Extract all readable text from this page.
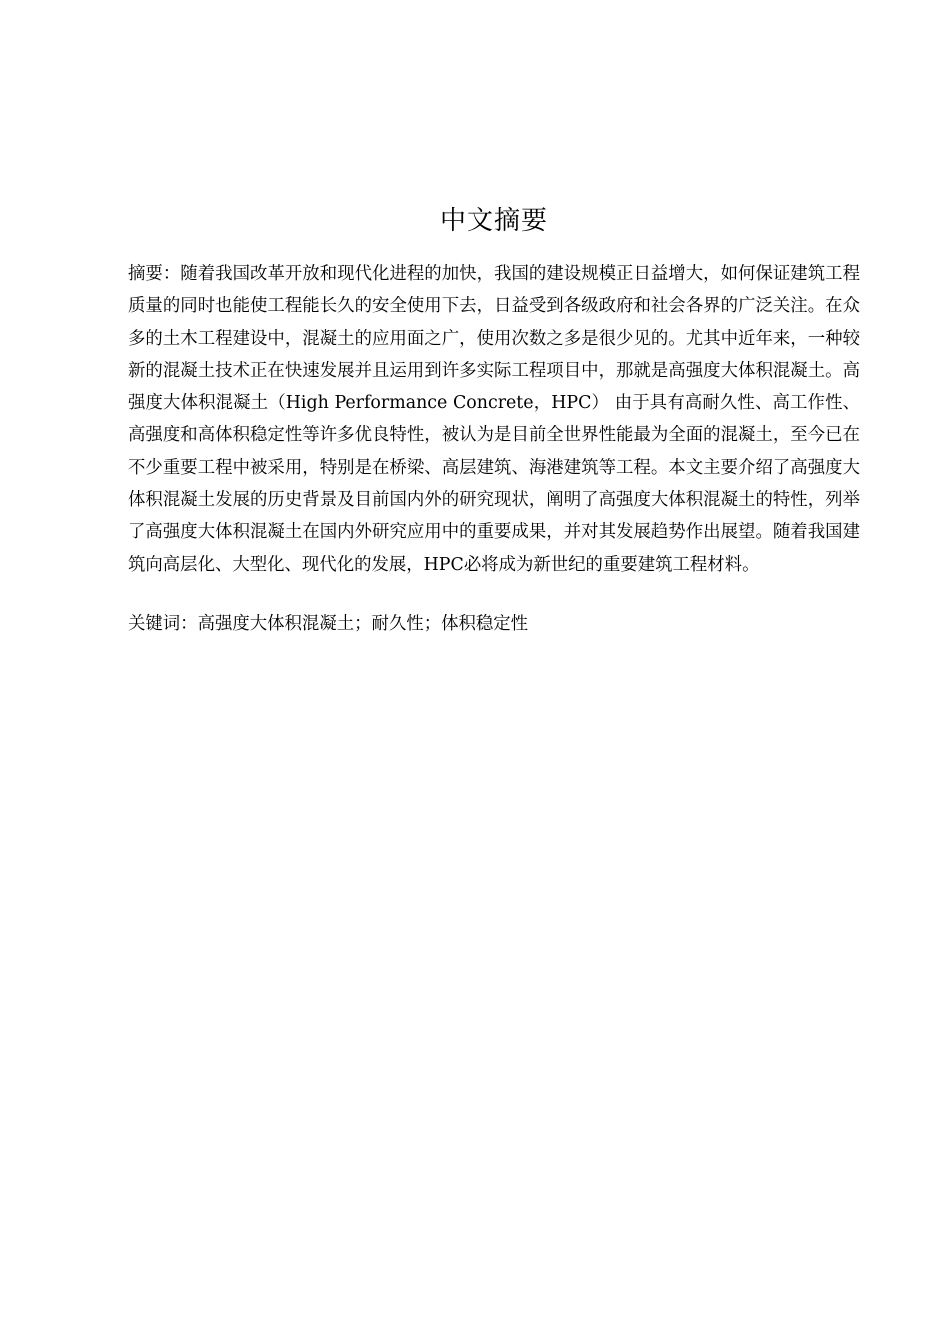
中文摘要

摘要：随着我国改革开放和现代化进程的加快，我国的建设规模正日益增大，如何保证建筑工程质量的同时也能使工程能长久的安全使用下去，日益受到各级政府和社会各界的广泛关注。在众多的土木工程建设中，混凝土的应用面之广，使用次数之多是很少见的。尤其中近年来，一种较新的混凝土技术正在快速发展并且运用到许多实际工程项目中，那就是高强度大体积混凝土。高强度大体积混凝土（High Performance Concrete，HPC） 由于具有高耐久性、高工作性、高强度和高体积稳定性等许多优良特性，被认为是目前全世界性能最为全面的混凝土，至今已在不少重要工程中被采用，特别是在桥梁、高层建筑、海港建筑等工程。本文主要介绍了高强度大体积混凝土发展的历史背景及目前国内外的研究现状，阐明了高强度大体积混凝土的特性，列举了高强度大体积混凝土在国内外研究应用中的重要成果，并对其发展趋势作出展望。随着我国建筑向高层化、大型化、现代化的发展，HPC必将成为新世纪的重要建筑工程材料。

关键词：高强度大体积混凝土；耐久性；体积稳定性
